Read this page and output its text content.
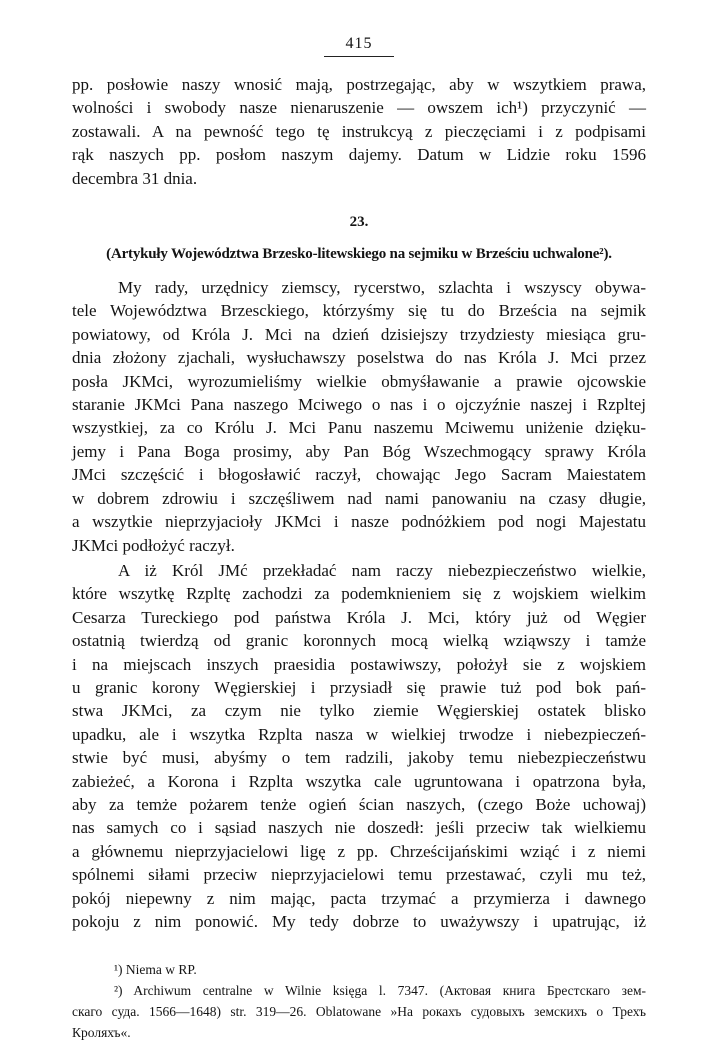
415

pp. posłowie naszy wnosić mają, postrzegając, aby w wszytkiem prawa,
wolności i swobody nasze nienaruszenie — owszem ich¹) przyczynić —
zostawali. A na pewność tego tę instrukcyą z pieczęciami i z podpisami
rąk naszych pp. posłom naszym dajemy. Datum w Lidzie roku 1596
decembra 31 dnia.

23.
(Artykuły Województwa Brzesko-litewskiego na sejmiku w Brześciu uchwalone²).

My rady, urzędnicy ziemscy, rycerstwo, szlachta i wszyscy obywa-
tele Województwa Brzesckiego, którzyśmy się tu do Brześcia na sejmik
powiatowy, od Króla J. Mci na dzień dzisiejszy trzydziesty miesiąca gru-
dnia złożony zjachali, wysłuchawszy poselstwa do nas Króla J. Mci przez
posła JKMci, wyrozumieliśmy wielkie obmyśławanie a prawie ojcowskie
staranie JKMci Pana naszego Mciwego o nas i o ojczyźnie naszej i Rzpltej
wszystkiej, za co Królu J. Mci Panu naszemu Mciwemu uniżenie dzięku-
jemy i Pana Boga prosimy, aby Pan Bóg Wszechmogący sprawy Króla
JMci szczęścić i błogosławić raczył, chowając Jego Sacram Maiestatem
w dobrem zdrowiu i szczęśliwem nad nami panowaniu na czasy długie,
a wszytkie nieprzyjacioły JKMci i nasze podnóżkiem pod nogi Majestatu
JKMci podłożyć raczył.

A iż Król JMć przekładać nam raczy niebezpieczeństwo wielkie,
które wszytkę Rzpltę zachodzi za podemknieniem się z wojskiem wielkim
Cesarza Tureckiego pod państwa Króla J. Mci, który już od Węgier
ostatnią twierdzą od granic koronnych mocą wielką wziąwszy i tamże
i na miejscach inszych praesidia postawiwszy, położył sie z wojskiem
u granic korony Węgierskiej i przysiadł się prawie tuż pod bok pań-
stwa JKMci, za czym nie tylko ziemie Węgierskiej ostatek blisko
upadku, ale i wszytka Rzplta nasza w wielkiej trwodze i niebezpieczeń-
stwie być musi, abyśmy o tem radzili, jakoby temu niebezpieczeństwu
zabieżeć, a Korona i Rzplta wszytka cale ugruntowana i opatrzona była,
aby za temże pożarem tenże ogień ścian naszych, (czego Boże uchowaj)
nas samych co i sąsiad naszych nie doszedł: jeśli przeciw tak wielkiemu
a głównemu nieprzyjacielowi ligę z pp. Chrześcijańskimi wziąć i z niemi
spólnemi siłami przeciw nieprzyjacielowi temu przestawać, czyli mu też,
pokój niepewny z nim mając, pacta trzymać a przymierza i dawnego
pokoju z nim ponowić. My tedy dobrze to uważywszy i upatrując, iż

¹) Niema w RP.
²) Archiwum centralne w Wilnie księga l. 7347. (Актовая книга Брестскаго зем-
скаго суда. 1566—1648) str. 319—26. Oblatowane »На рокахъ судовыхъ земскихъ о Трехъ
Кроляхъ«.
